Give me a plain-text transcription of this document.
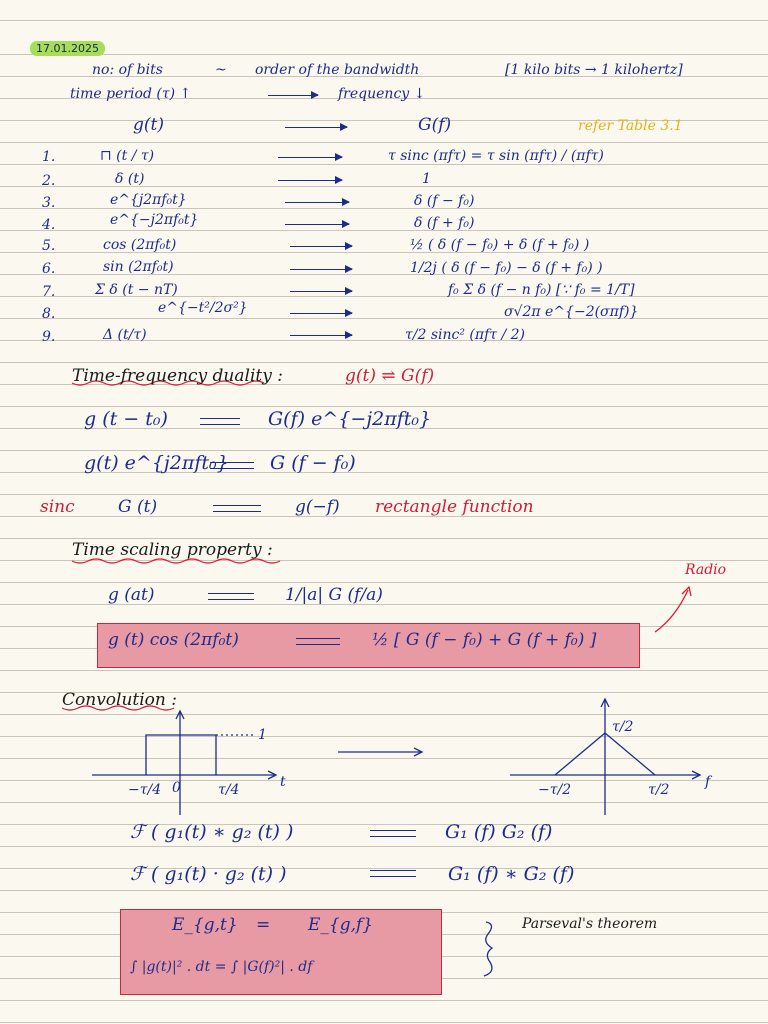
17.01.2025
no: of bits	~ order of the bandwidth	[1 kilo bits → 1 kilohertz]
time period (τ) ↑	frequency ↓
g(t)	G(f)	refer Table 3.1
1.	⊓ (t / τ)	τ sinc (πfτ) = τ sin (πfτ) / (πfτ)
2.	δ (t)	1
3.	e^{j2πf₀t}	δ (f − f₀)
4.	e^{−j2πf₀t}	δ (f + f₀)
5.	cos (2πf₀t)	½ ( δ (f − f₀) + δ (f + f₀) )
6.	sin (2πf₀t)	1/2j ( δ (f − f₀) − δ (f + f₀) )
7.	Σ δ (t − nT)	f₀ Σ δ (f − n f₀) [∵ f₀ = 1/T]
8.	e^{−t²/2σ²}	σ√2π e^{−2(σπf)}
9.	Δ (t/τ)	τ/2 sinc² (πfτ / 2)
Time-frequency duality :	g(t) ⇌ G(f)
g (t − t₀)	G(f) e^{−j2πft₀}
g(t) e^{j2πft₀} G (f − f₀)
sinc	G (t)	g(−f) rectangle function
Time scaling property :
Radio
g (at)	1/|a| G (f/a)
g (t) cos (2πf₀t)	½ [ G (f − f₀) + G (f + f₀) ]
Convolution :
1
−τ/4 0	τ/4	t
τ/2
−τ/2	τ/2	f
ℱ ( g₁(t) ∗ g₂ (t) )	G₁ (f) G₂ (f)
ℱ ( g₁(t) · g₂ (t) )	G₁ (f) ∗ G₂ (f)
E_{g,t} = E_{g,f}
∫ |g(t)|² . dt = ∫ |G(f)²| . df
Parseval's theorem
